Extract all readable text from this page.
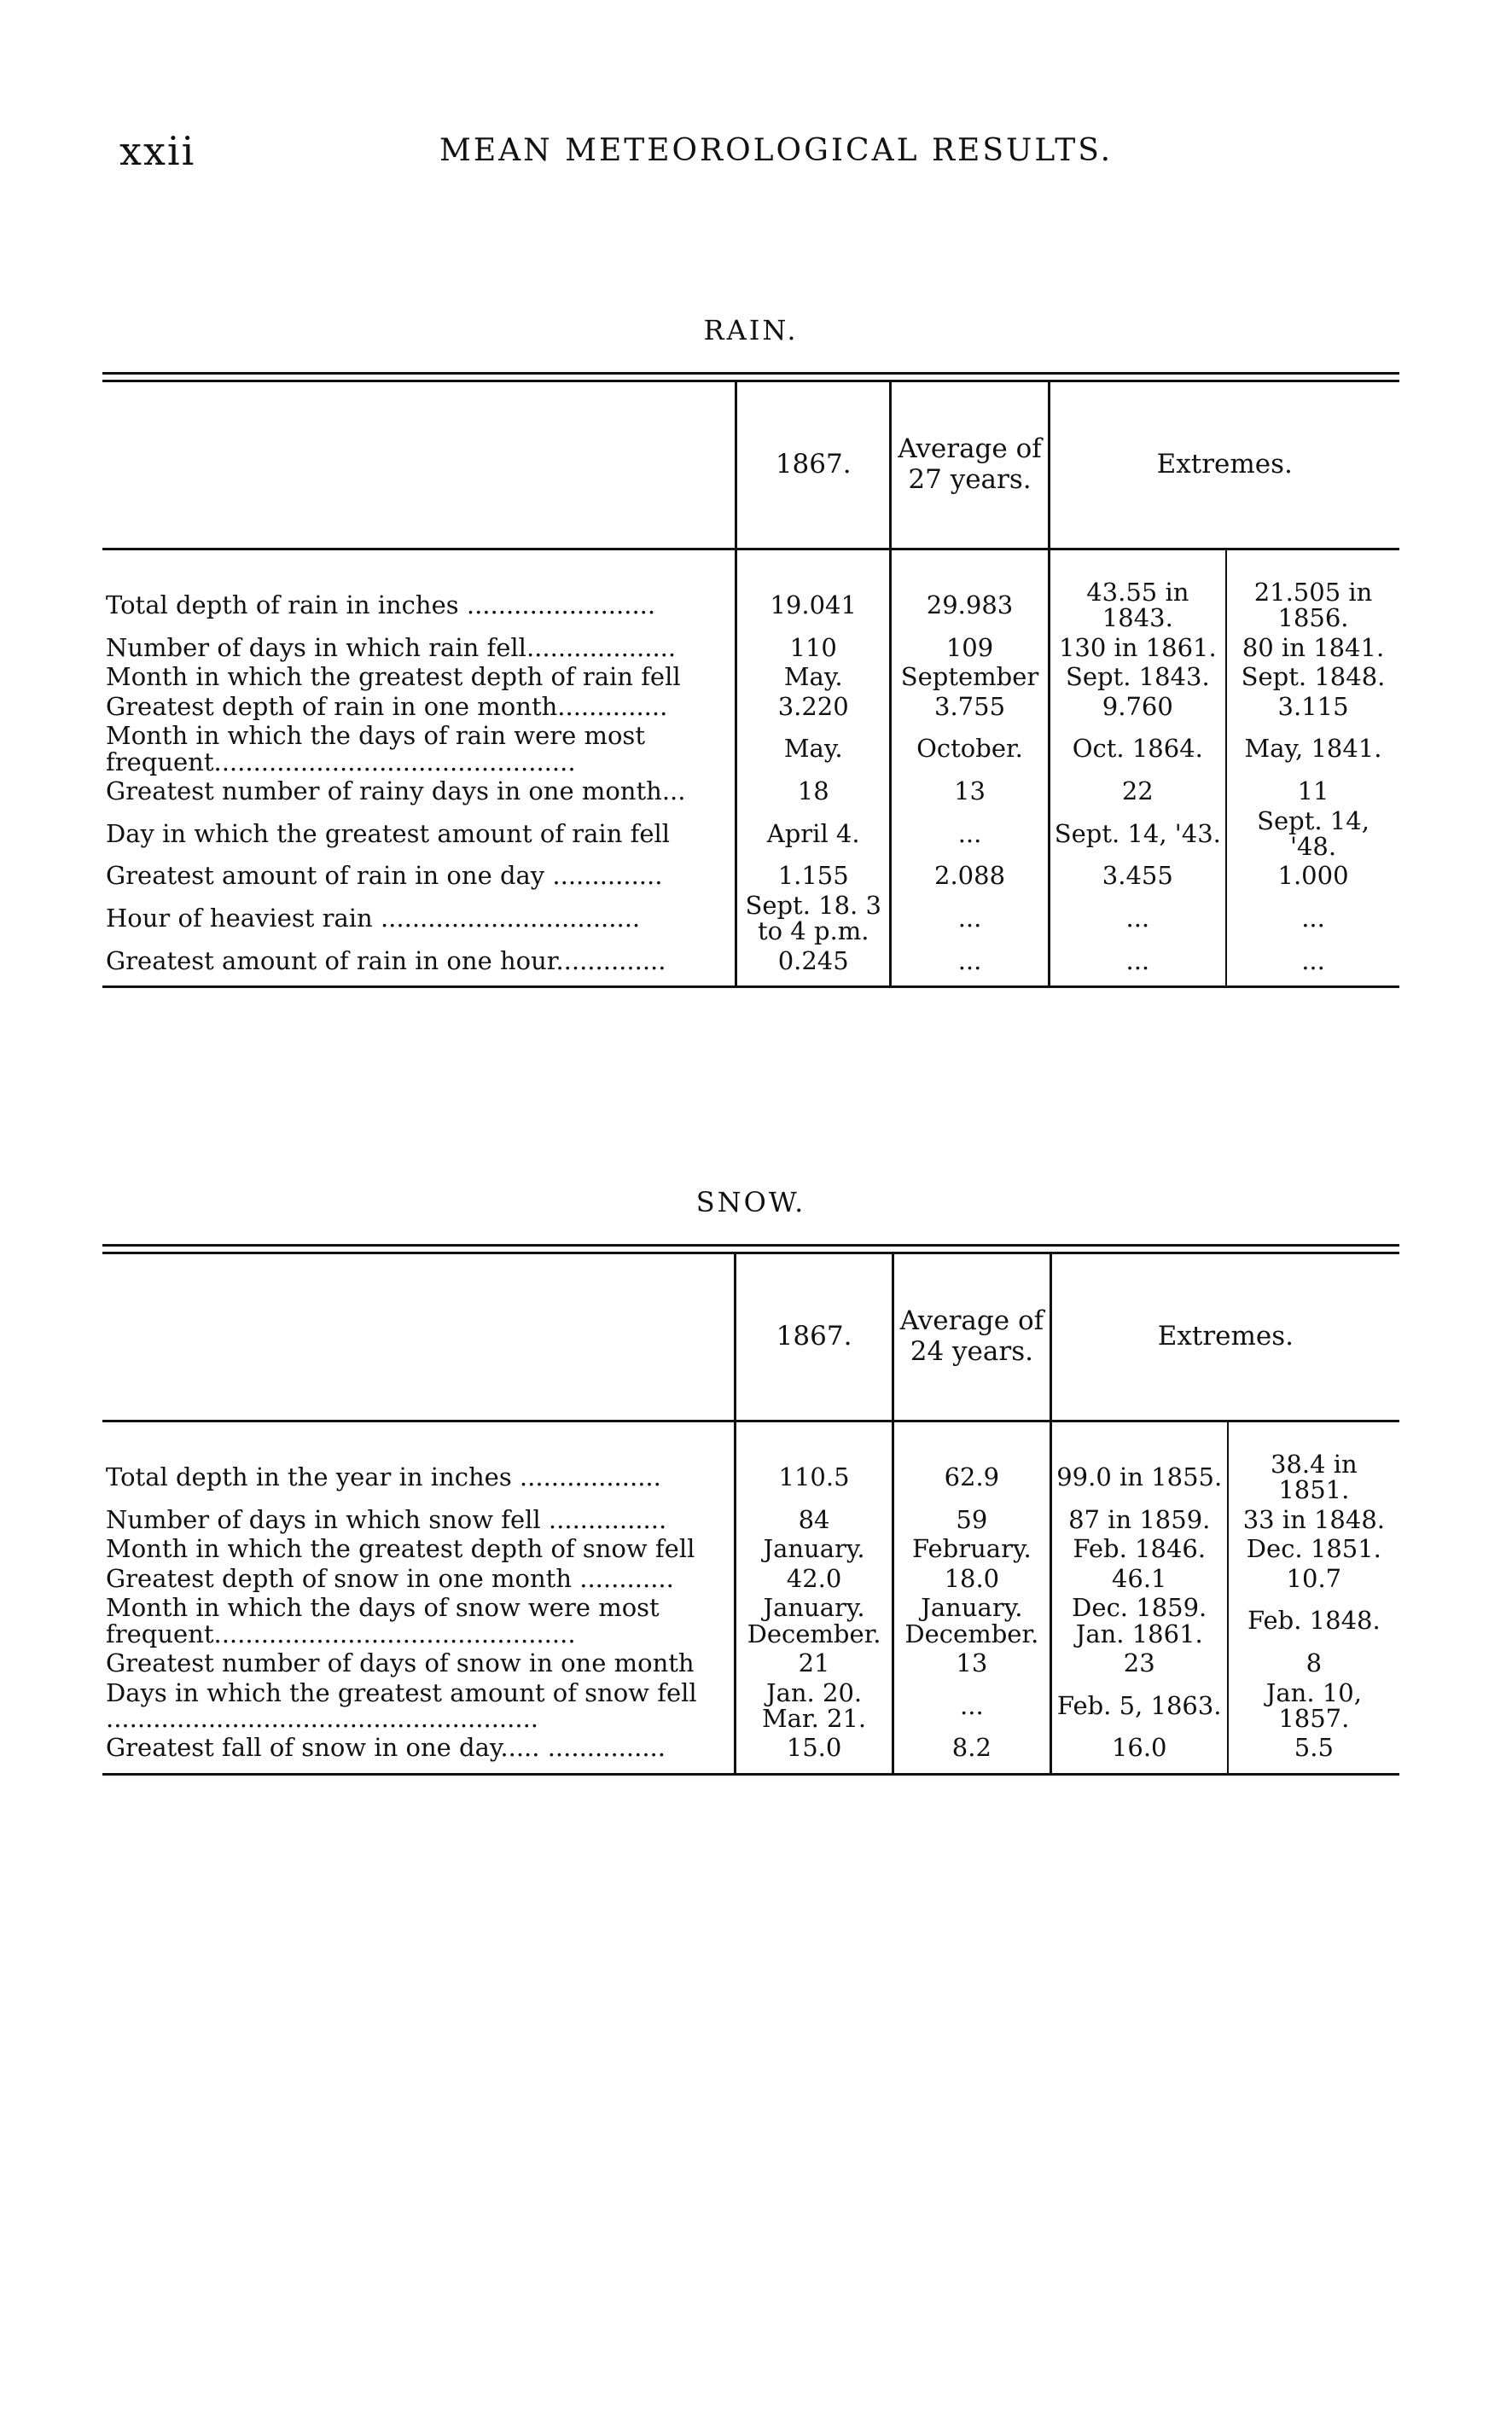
xxii	MEAN METEOROLOGICAL RESULTS.
RAIN.
	1867.	Average of 27 years.	Extremes.	

Total depth of rain in inches ........................	19.041	29.983	43.55 in 1843.	21.505 in 1856.
Number of days in which rain fell...................	110	109	130 in 1861.	80 in 1841.
Month in which the greatest depth of rain fell	May.	September	Sept. 1843.	Sept. 1848.
Greatest depth of rain in one month..............	3.220	3.755	9.760	3.115
Month in which the days of rain were most frequent..............................................	May.	October.	Oct. 1864.	May, 1841.
Greatest number of rainy days in one month...	18	13	22	11
Day in which the greatest amount of rain fell	April 4.	...	Sept. 14, '43.	Sept. 14, '48.
Greatest amount of rain in one day ..............	1.155	2.088	3.455	1.000
Hour of heaviest rain .................................	Sept. 18. 3 to 4 p.m.	...	...	...
Greatest amount of rain in one hour..............	0.245	...	...	...
SNOW.
	1867.	Average of 24 years.	Extremes.	

Total depth in the year in inches ..................	110.5	62.9	99.0 in 1855.	38.4 in 1851.
Number of days in which snow fell ...............	84	59	87 in 1859.	33 in 1848.
Month in which the greatest depth of snow fell	January.	February.	Feb. 1846.	Dec. 1851.
Greatest depth of snow in one month ............	42.0	18.0	46.1	10.7
Month in which the days of snow were most frequent..............................................	January. December.	January. December.	Dec. 1859. Jan. 1861.	Feb. 1848.
Greatest number of days of snow in one month	21	13	23	8
Days in which the greatest amount of snow fell .......................................................	Jan. 20. Mar. 21.	...	Feb. 5, 1863.	Jan. 10, 1857.
Greatest fall of snow in one day..... ...............	15.0	8.2	16.0	5.5
